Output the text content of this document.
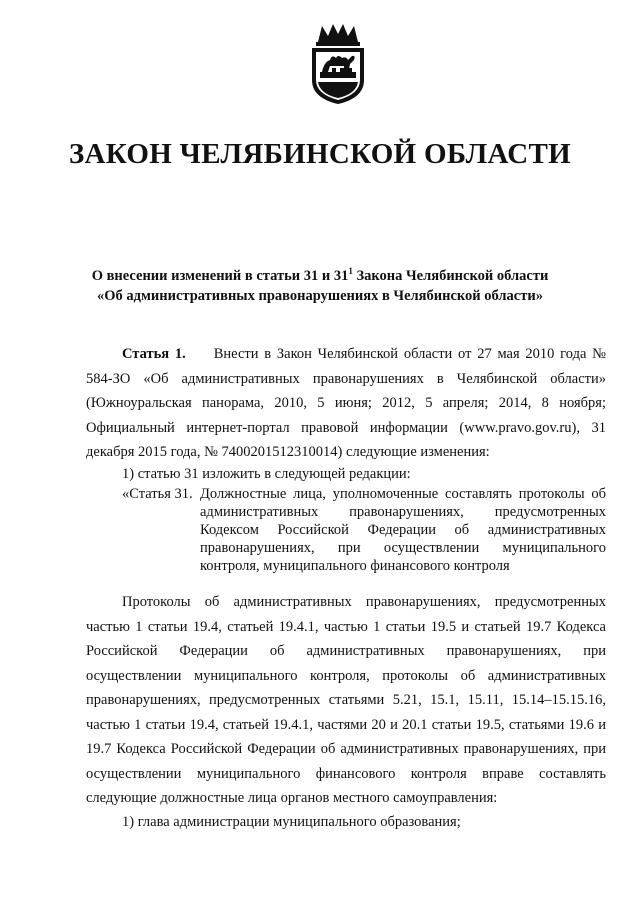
ЗАКОН ЧЕЛЯБИНСКОЙ ОБЛАСТИ

О внесении изменений в статьи 31 и $31^1$ Закона Челябинской области
«Об административных правонарушениях в Челябинской области»

Статья 1. Внести в Закон Челябинской области от 27 мая 2010 года № 584-ЗО «Об административных правонарушениях в Челябинской области» (Южноуральская панорама, 2010, 5 июня; 2012, 5 апреля; 2014, 8 ноября; Официальный интернет-портал правовой информации (www.pravo.gov.ru), 31 декабря 2015 года, № 7400201512310014) следующие изменения:

1) статью 31 изложить в следующей редакции:

«Статья 31. Должностные лица, уполномоченные составлять протоколы об административных правонарушениях, предусмотренных Кодексом Российской Федерации об административных правонарушениях, при осуществлении муниципального контроля, муниципального финансового контроля

Протоколы об административных правонарушениях, предусмотренных частью 1 статьи 19.4, статьей 19.4.1, частью 1 статьи 19.5 и статьей 19.7 Кодекса Российской Федерации об административных правонарушениях, при осуществлении муниципального контроля, протоколы об административных правонарушениях, предусмотренных статьями 5.21, 15.1, 15.11, 15.14–15.15.16, частью 1 статьи 19.4, статьей 19.4.1, частями 20 и 20.1 статьи 19.5, статьями 19.6 и 19.7 Кодекса Российской Федерации об административных правонарушениях, при осуществлении муниципального финансового контроля вправе составлять следующие должностные лица органов местного самоуправления:

1) глава администрации муниципального образования;
